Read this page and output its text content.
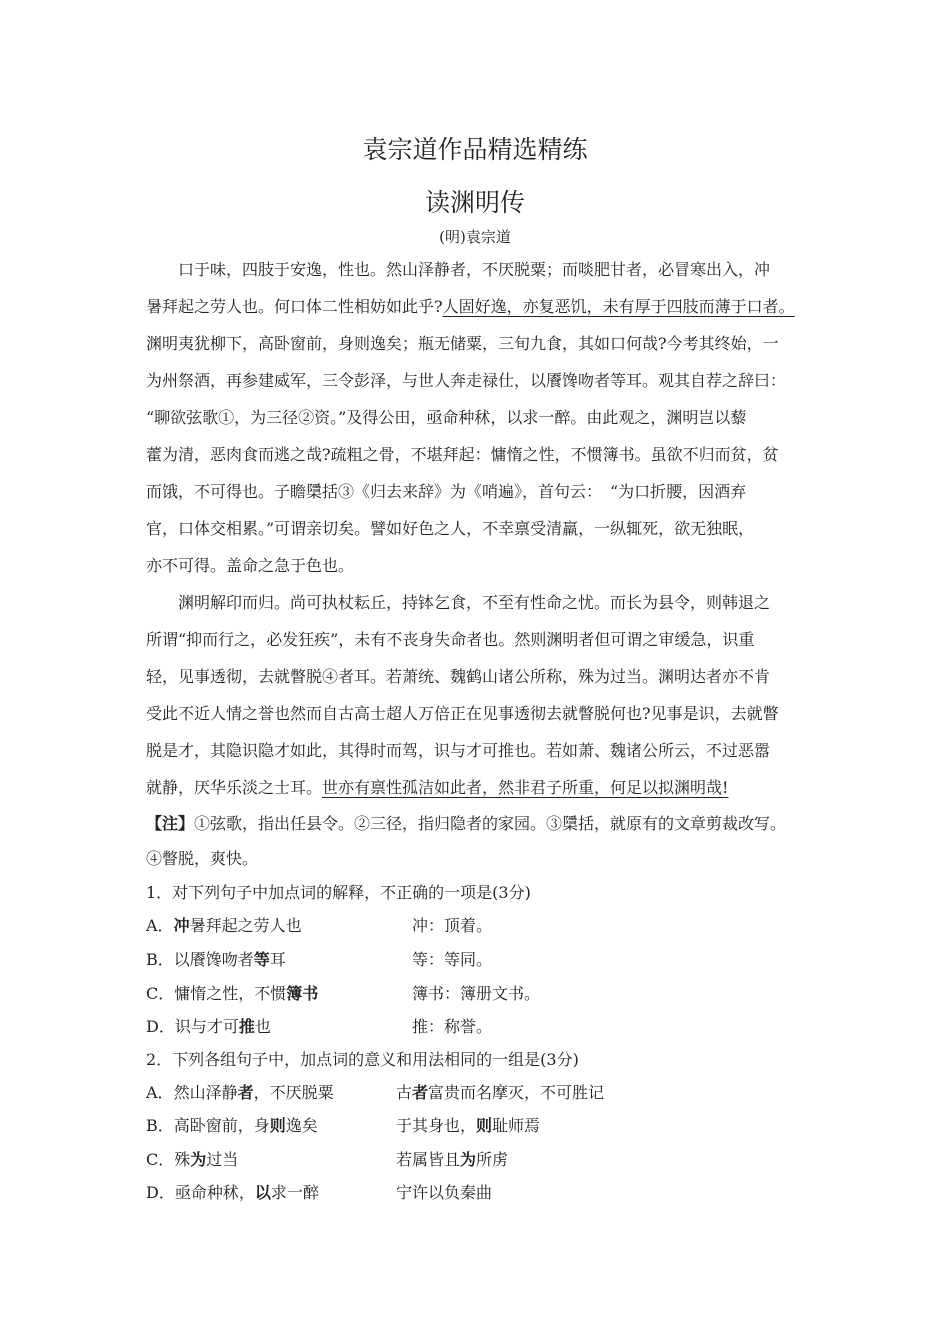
袁宗道作品精选精练
读渊明传
(明)袁宗道
口于味，四肢于安逸，性也。然山泽静者，不厌脱粟；而啖肥甘者，必冒寒出入，冲
暑拜起之劳人也。何口体二性相妨如此乎?人固好逸，亦复恶饥，未有厚于四肢而薄于口者。
渊明夷犹柳下，高卧窗前，身则逸矣；瓶无储粟，三旬九食，其如口何哉?今考其终始，一
为州祭酒，再参建威军，三令彭泽，与世人奔走禄仕，以餍馋吻者等耳。观其自荐之辞曰：
“聊欲弦歌①，为三径②资。”及得公田，亟命种秫，以求一醉。由此观之，渊明岂以藜
藿为清，恶肉食而逃之哉?疏粗之骨，不堪拜起：慵惰之性，不惯簿书。虽欲不归而贫，贫
而饿，不可得也。子瞻檃括③《归去来辞》为《哨遍》，首句云：　“为口折腰，因酒弃
官，口体交相累。”可谓亲切矣。譬如好色之人，不幸禀受清羸，一纵辄死，欲无独眠，
亦不可得。盖命之急于色也。
渊明解印而归。尚可执杖耘丘，持钵乞食，不至有性命之忧。而长为县令，则韩退之
所谓“抑而行之，必发狂疾”，未有不丧身失命者也。然则渊明者但可谓之审缓急，识重
轻，见事透彻，去就瞥脱④者耳。若萧统、魏鹤山诸公所称，殊为过当。渊明达者亦不肯
受此不近人情之誉也然而自古高士超人万倍正在见事透彻去就瞥脱何也?见事是识，去就瞥
脱是才，其隐识隐才如此，其得时而驾，识与才可推也。若如萧、魏诸公所云，不过恶嚣
就静，厌华乐淡之士耳。世亦有禀性孤洁如此者，然非君子所重，何足以拟渊明哉!
【注】①弦歌，指出任县令。②三径，指归隐者的家园。③檃括，就原有的文章剪裁改写。
④瞥脱，爽快。
1．对下列句子中加点词的解释，不正确的一项是(3分)
A．冲暑拜起之劳人也	冲：顶着。
B．以餍馋吻者等耳	等：等同。
C．慵惰之性，不惯簿书	簿书：簿册文书。
D．识与才可推也	推：称誉。
2．下列各组句子中，加点词的意义和用法相同的一组是(3分)
A．然山泽静者，不厌脱粟	古者富贵而名摩灭，不可胜记
B．高卧窗前，身则逸矣	于其身也，则耻师焉
C．殊为过当	若属皆且为所虏
D．亟命种秫，以求一醉	宁许以负秦曲
